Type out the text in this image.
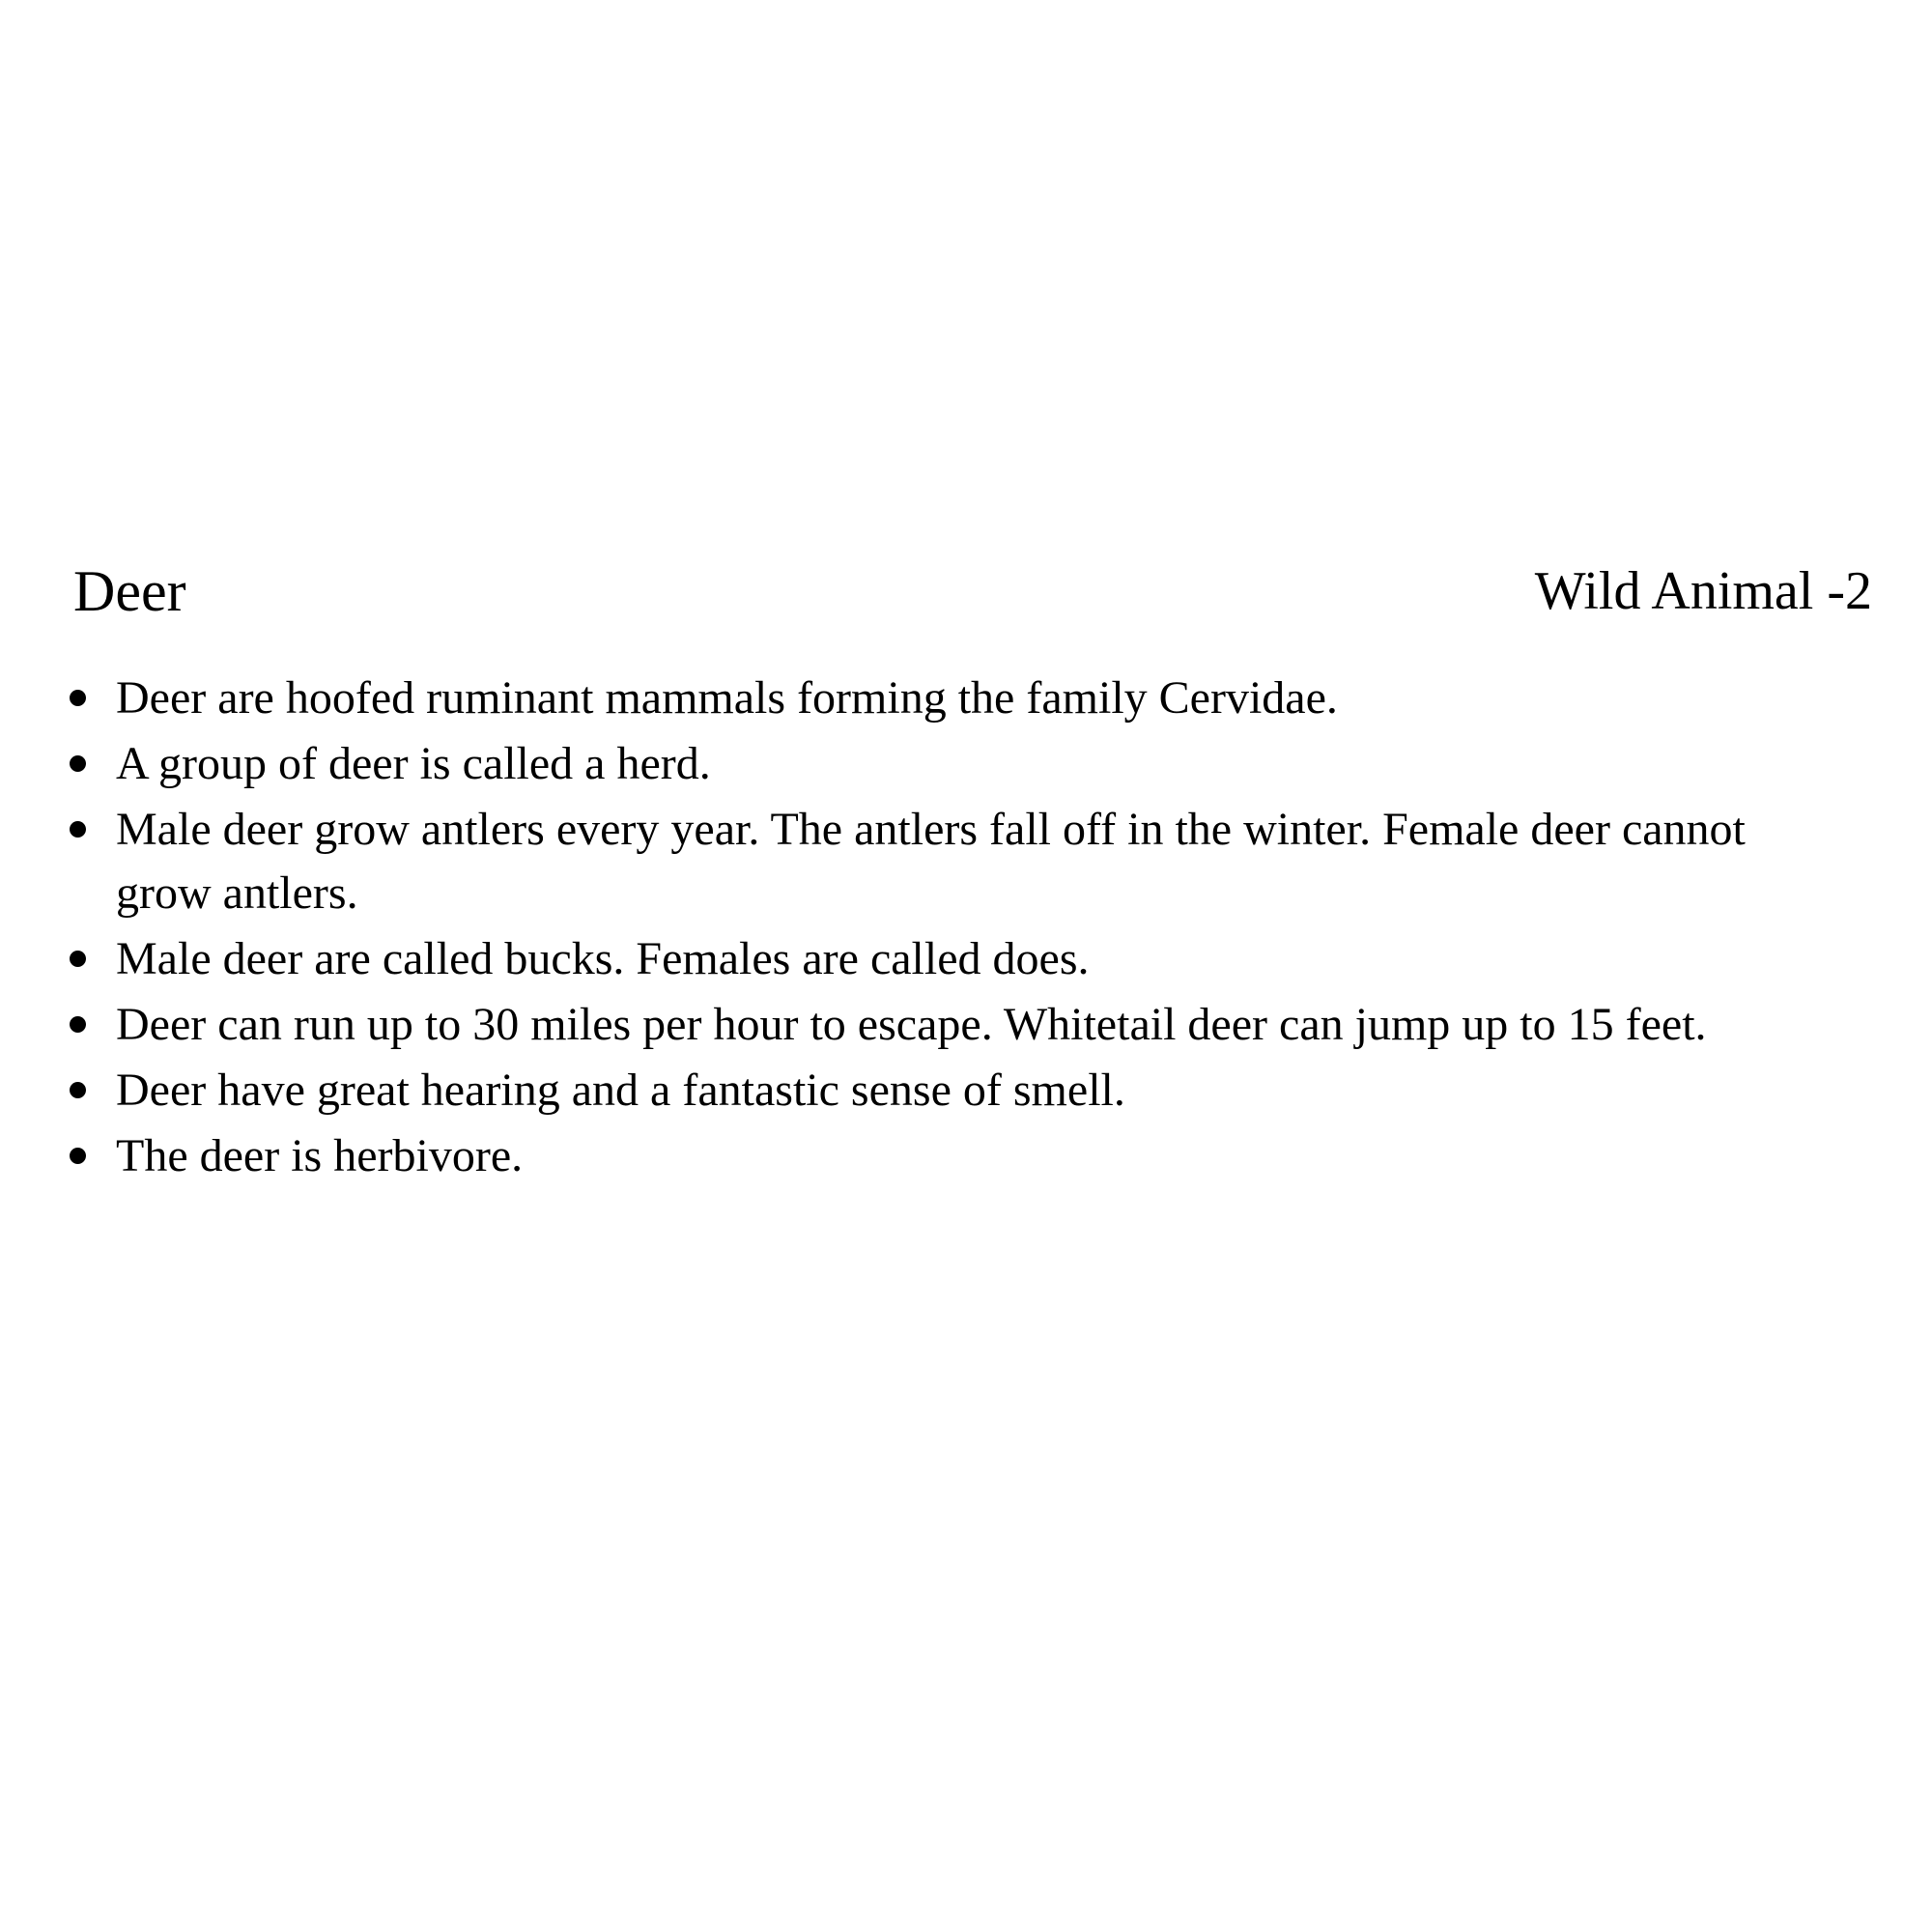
Deer	Wild Animal -2
Deer are hoofed ruminant mammals forming the family Cervidae.
A group of deer is called a herd.
Male deer grow antlers every year. The antlers fall off in the winter. Female deer cannot grow antlers.
Male deer are called bucks. Females are called does.
Deer can run up to 30 miles per hour to escape. Whitetail deer can jump up to 15 feet.
Deer have great hearing and a fantastic sense of smell.
The deer is herbivore.
